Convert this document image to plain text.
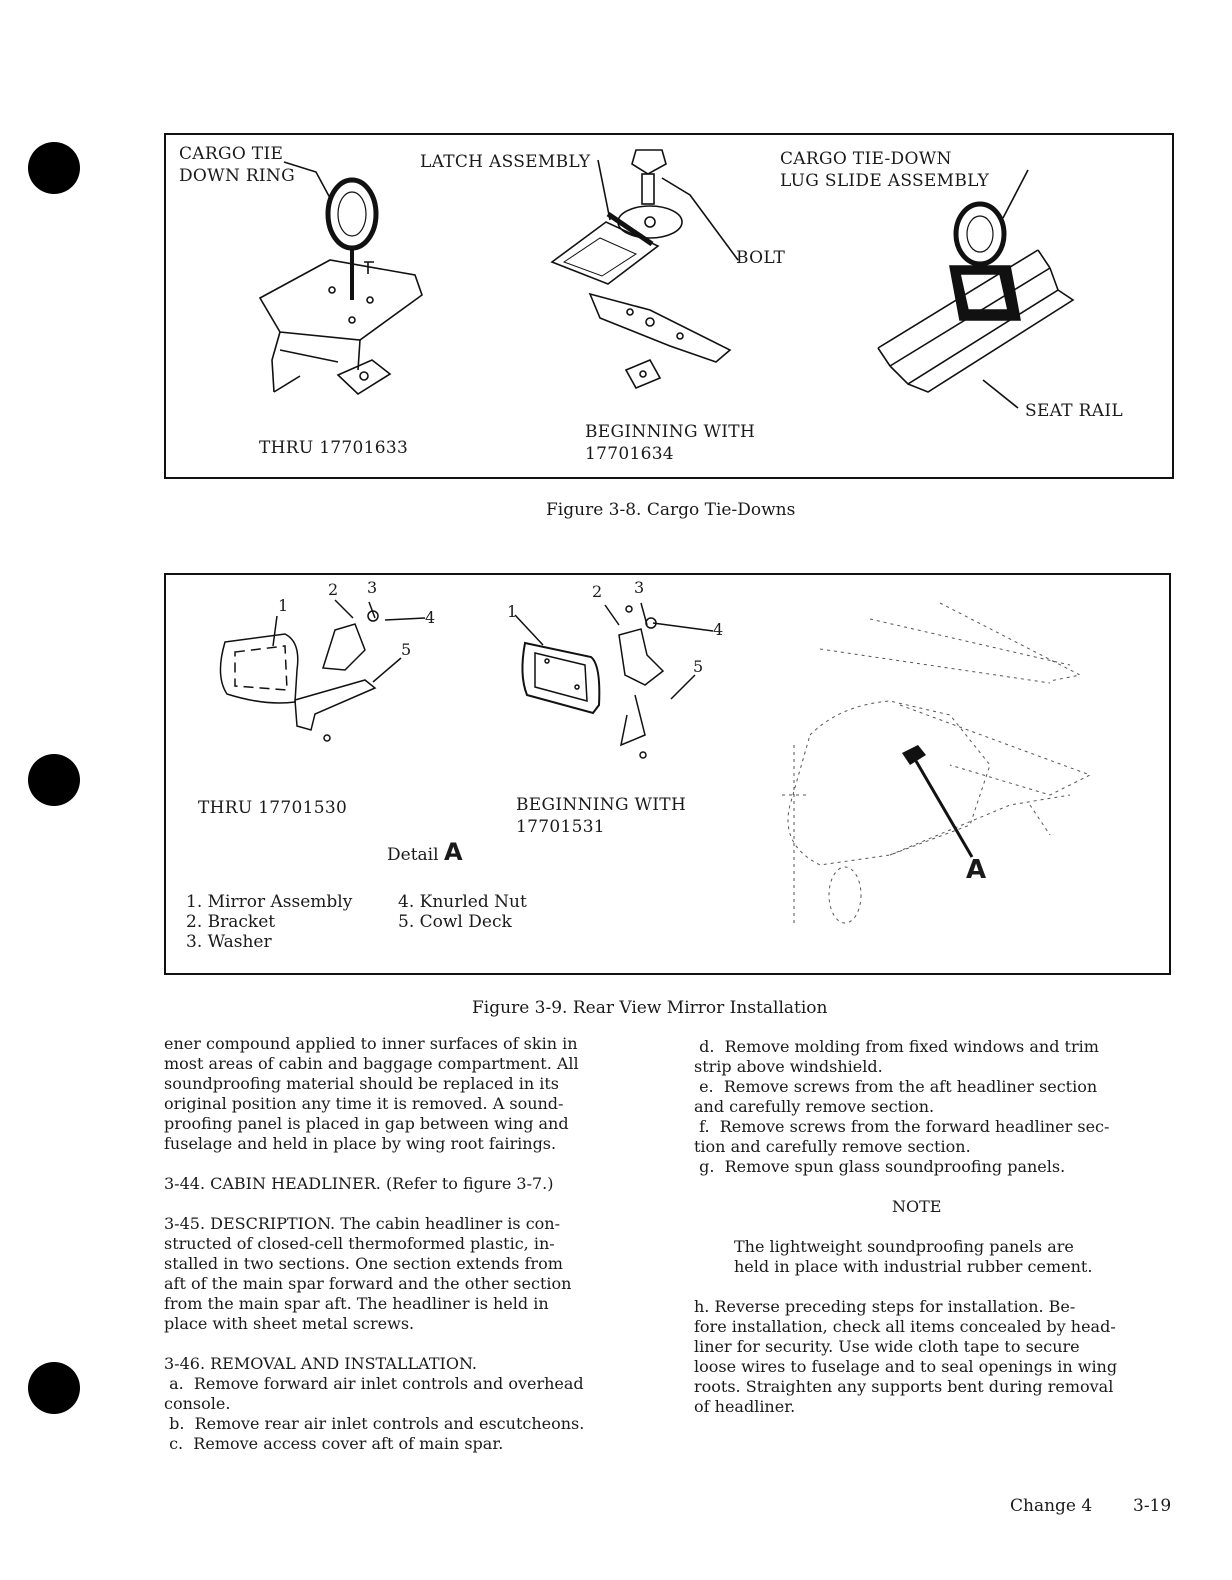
CARGO TIE
DOWN RING
LATCH ASSEMBLY	CARGO TIE-DOWN
LUG SLIDE ASSEMBLY
BOLT
SEAT RAIL
THRU 17701633
BEGINNING WITH
17701634
Figure 3-8. Cargo Tie-Downs
1
2 3
4
5
1
2 3
4
5
THRU 17701530	BEGINNING WITH
17701531
Detail A
1. Mirror Assembly
2. Bracket
3. Washer
4. Knurled Nut
5. Cowl Deck
A
Figure 3-9. Rear View Mirror Installation

ener compound applied to inner surfaces of skin in

most areas of cabin and baggage compartment. All

soundproofing material should be replaced in its

original position any time it is removed. A sound-

proofing panel is placed in gap between wing and

fuselage and held in place by wing root fairings.

3-44. CABIN HEADLINER. (Refer to figure 3-7.)

3-45. DESCRIPTION. The cabin headliner is con-

structed of closed-cell thermoformed plastic, in-

stalled in two sections. One section extends from

aft of the main spar forward and the other section

from the main spar aft. The headliner is held in

place with sheet metal screws.

3-46. REMOVAL AND INSTALLATION.

a.  Remove forward air inlet controls and overhead

console.

b.  Remove rear air inlet controls and escutcheons.

c.  Remove access cover aft of main spar.

d.  Remove molding from fixed windows and trim

strip above windshield.

e.  Remove screws from the aft headliner section

and carefully remove section.

f.  Remove screws from the forward headliner sec-

tion and carefully remove section.

g.  Remove spun glass soundproofing panels.

NOTE

The lightweight soundproofing panels are

held in place with industrial rubber cement.

h. Reverse preceding steps for installation. Be-

fore installation, check all items concealed by head-

liner for security. Use wide cloth tape to secure

loose wires to fuselage and to seal openings in wing

roots. Straighten any supports bent during removal

of headliner.

Change 4 3-19
